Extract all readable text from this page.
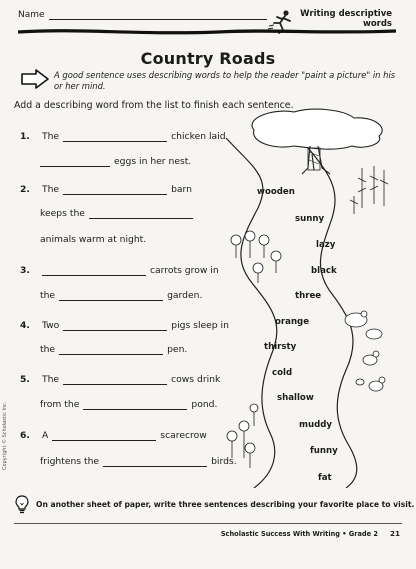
Name	Writing descriptive
words
Country Roads
A good sentence uses describing words to help the reader "paint a picture" in his or her mind.
Add a describing word from the list to finish each sentence.
1.	The	chicken laid
eggs in her nest.
2.	The	barn
keeps the
animals warm at night.
3.	carrots grow in
the	garden.
4.	Two	pigs sleep in
the	pen.
5.	The	cows drink
from the	pond.
6.	A	scarecrow
frightens the	birds.
wooden
sunny
lazy
black
three
orange
thirsty
cold
shallow
muddy
funny
fat
On another sheet of paper, write three sentences describing your favorite place to visit.
Scholastic Success With Writing • Grade 2 21
Copyright © Scholastic Inc.
